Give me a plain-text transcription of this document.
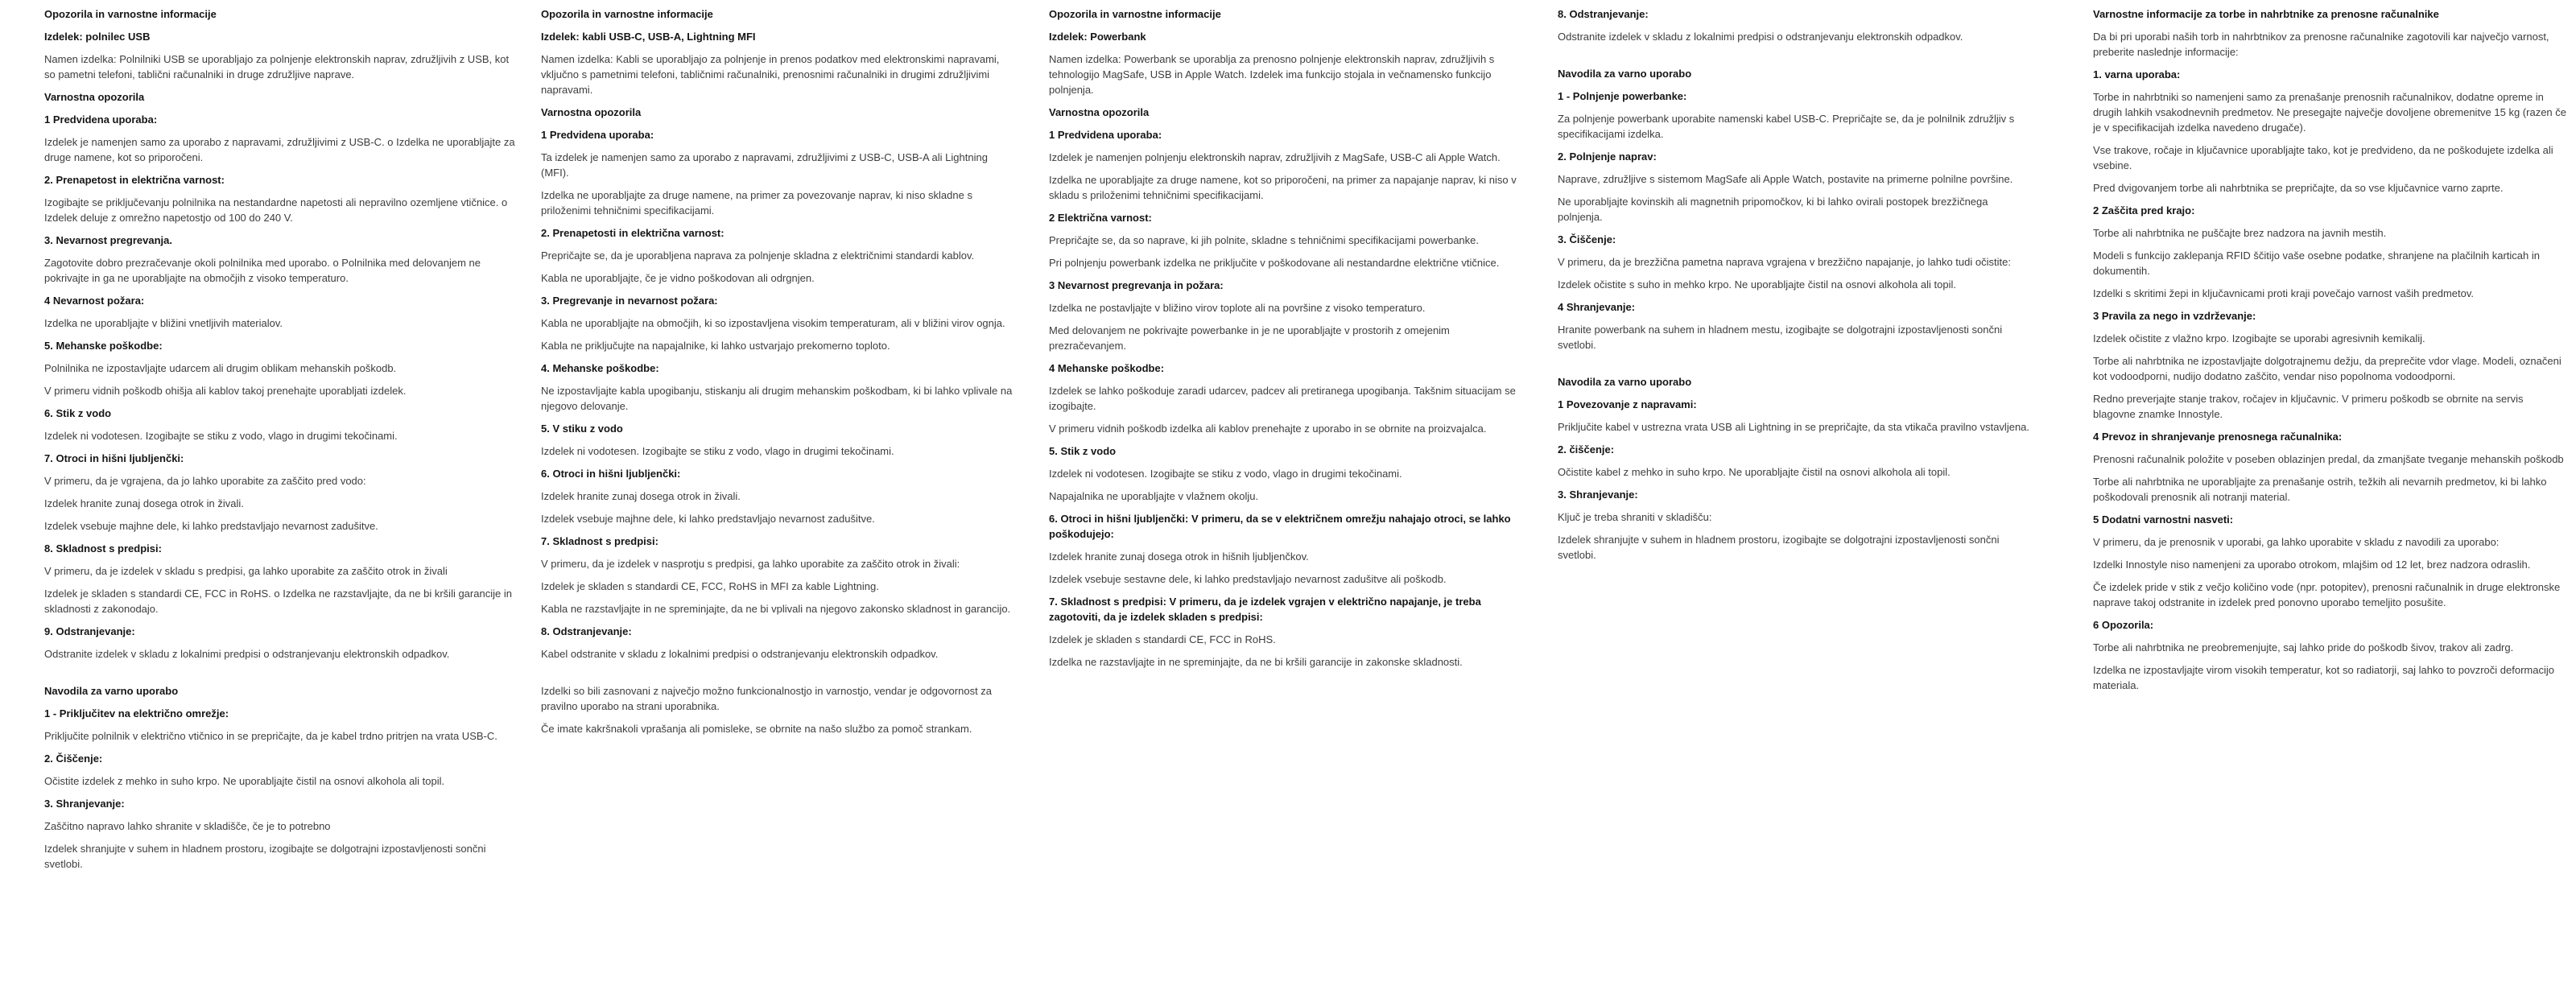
Opozorila in varnostne informacije
Izdelek: polnilec USB
Namen izdelka: Polnilniki USB se uporabljajo za polnjenje elektronskih naprav, združljivih z USB, kot so pametni telefoni, tablični računalniki in druge združljive naprave.
Varnostna opozorila
1 Predvidena uporaba:
Izdelek je namenjen samo za uporabo z napravami, združljivimi z USB-C. o Izdelka ne uporabljajte za druge namene, kot so priporočeni.
2. Prenapetost in električna varnost:
Izogibajte se priključevanju polnilnika na nestandardne napetosti ali nepravilno ozemljene vtičnice. o Izdelek deluje z omrežno napetostjo od 100 do 240 V.
3. Nevarnost pregrevanja.
Zagotovite dobro prezračevanje okoli polnilnika med uporabo. o Polnilnika med delovanjem ne pokrivajte in ga ne uporabljajte na območjih z visoko temperaturo.
4 Nevarnost požara:
Izdelka ne uporabljajte v bližini vnetljivih materialov.
5. Mehanske poškodbe:
Polnilnika ne izpostavljajte udarcem ali drugim oblikam mehanskih poškodb.
V primeru vidnih poškodb ohišja ali kablov takoj prenehajte uporabljati izdelek.
6. Stik z vodo
Izdelek ni vodotesen. Izogibajte se stiku z vodo, vlago in drugimi tekočinami.
7. Otroci in hišni ljubljenčki:
V primeru, da je vgrajena, da jo lahko uporabite za zaščito pred vodo:
Izdelek hranite zunaj dosega otrok in živali.
Izdelek vsebuje majhne dele, ki lahko predstavljajo nevarnost zadušitve.
8. Skladnost s predpisi:
V primeru, da je izdelek v skladu s predpisi, ga lahko uporabite za zaščito otrok in živali
Izdelek je skladen s standardi CE, FCC in RoHS. o Izdelka ne razstavljajte, da ne bi kršili garancije in skladnosti z zakonodajo.
9. Odstranjevanje:
Odstranite izdelek v skladu z lokalnimi predpisi o odstranjevanju elektronskih odpadkov.
Navodila za varno uporabo
1 - Priključitev na električno omrežje:
Priključite polnilnik v električno vtičnico in se prepričajte, da je kabel trdno pritrjen na vrata USB-C.
2. Čiščenje:
Očistite izdelek z mehko in suho krpo. Ne uporabljajte čistil na osnovi alkohola ali topil.
3. Shranjevanje:
Zaščitno napravo lahko shranite v skladišče, če je to potrebno
Izdelek shranjujte v suhem in hladnem prostoru, izogibajte se dolgotrajni izpostavljenosti sončni svetlobi.
Opozorila in varnostne informacije
Izdelek: kabli USB-C, USB-A, Lightning MFI
Namen izdelka: Kabli se uporabljajo za polnjenje in prenos podatkov med elektronskimi napravami, vključno s pametnimi telefoni, tabličnimi računalniki, prenosnimi računalniki in drugimi združljivimi napravami.
Varnostna opozorila
1 Predvidena uporaba:
Ta izdelek je namenjen samo za uporabo z napravami, združljivimi z USB-C, USB-A ali Lightning (MFI).
Izdelka ne uporabljajte za druge namene, na primer za povezovanje naprav, ki niso skladne s priloženimi tehničnimi specifikacijami.
2. Prenapetosti in električna varnost:
Prepričajte se, da je uporabljena naprava za polnjenje skladna z električnimi standardi kablov.
Kabla ne uporabljajte, če je vidno poškodovan ali odrgnjen.
3. Pregrevanje in nevarnost požara:
Kabla ne uporabljajte na območjih, ki so izpostavljena visokim temperaturam, ali v bližini virov ognja.
Kabla ne priključujte na napajalnike, ki lahko ustvarjajo prekomerno toploto.
4. Mehanske poškodbe:
Ne izpostavljajte kabla upogibanju, stiskanju ali drugim mehanskim poškodbam, ki bi lahko vplivale na njegovo delovanje.
5. V stiku z vodo
Izdelek ni vodotesen. Izogibajte se stiku z vodo, vlago in drugimi tekočinami.
6. Otroci in hišni ljubljenčki:
Izdelek hranite zunaj dosega otrok in živali.
Izdelek vsebuje majhne dele, ki lahko predstavljajo nevarnost zadušitve.
7. Skladnost s predpisi:
V primeru, da je izdelek v nasprotju s predpisi, ga lahko uporabite za zaščito otrok in živali:
Izdelek je skladen s standardi CE, FCC, RoHS in MFI za kable Lightning.
Kabla ne razstavljajte in ne spreminjajte, da ne bi vplivali na njegovo zakonsko skladnost in garancijo.
8. Odstranjevanje:
Kabel odstranite v skladu z lokalnimi predpisi o odstranjevanju elektronskih odpadkov.
Izdelki so bili zasnovani z največjo možno funkcionalnostjo in varnostjo, vendar je odgovornost za pravilno uporabo na strani uporabnika.
Če imate kakršnakoli vprašanja ali pomisleke, se obrnite na našo službo za pomoč strankam.
Opozorila in varnostne informacije
Izdelek: Powerbank
Namen izdelka: Powerbank se uporablja za prenosno polnjenje elektronskih naprav, združljivih s tehnologijo MagSafe, USB in Apple Watch. Izdelek ima funkcijo stojala in večnamensko funkcijo polnjenja.
Varnostna opozorila
1 Predvidena uporaba:
Izdelek je namenjen polnjenju elektronskih naprav, združljivih z MagSafe, USB-C ali Apple Watch.
Izdelka ne uporabljajte za druge namene, kot so priporočeni, na primer za napajanje naprav, ki niso v skladu s priloženimi tehničnimi specifikacijami.
2 Električna varnost:
Prepričajte se, da so naprave, ki jih polnite, skladne s tehničnimi specifikacijami powerbanke.
Pri polnjenju powerbank izdelka ne priključite v poškodovane ali nestandardne električne vtičnice.
3 Nevarnost pregrevanja in požara:
Izdelka ne postavljajte v bližino virov toplote ali na površine z visoko temperaturo.
Med delovanjem ne pokrivajte powerbanke in je ne uporabljajte v prostorih z omejenim prezračevanjem.
4 Mehanske poškodbe:
Izdelek se lahko poškoduje zaradi udarcev, padcev ali pretiranega upogibanja. Takšnim situacijam se izogibajte.
V primeru vidnih poškodb izdelka ali kablov prenehajte z uporabo in se obrnite na proizvajalca.
5. Stik z vodo
Izdelek ni vodotesen. Izogibajte se stiku z vodo, vlago in drugimi tekočinami.
Napajalnika ne uporabljajte v vlažnem okolju.
6. Otroci in hišni ljubljenčki: V primeru, da se v električnem omrežju nahajajo otroci, se lahko poškodujejo:
Izdelek hranite zunaj dosega otrok in hišnih ljubljenčkov.
Izdelek vsebuje sestavne dele, ki lahko predstavljajo nevarnost zadušitve ali poškodb.
7. Skladnost s predpisi: V primeru, da je izdelek vgrajen v električno napajanje, je treba zagotoviti, da je izdelek skladen s predpisi:
Izdelek je skladen s standardi CE, FCC in RoHS.
Izdelka ne razstavljajte in ne spreminjajte, da ne bi kršili garancije in zakonske skladnosti.
8. Odstranjevanje:
Odstranite izdelek v skladu z lokalnimi predpisi o odstranjevanju elektronskih odpadkov.
Navodila za varno uporabo
1 - Polnjenje powerbanke:
Za polnjenje powerbank uporabite namenski kabel USB-C. Prepričajte se, da je polnilnik združljiv s specifikacijami izdelka.
2. Polnjenje naprav:
Naprave, združljive s sistemom MagSafe ali Apple Watch, postavite na primerne polnilne površine.
Ne uporabljajte kovinskih ali magnetnih pripomočkov, ki bi lahko ovirali postopek brezžičnega polnjenja.
3. Čiščenje:
V primeru, da je brezžična pametna naprava vgrajena v brezžično napajanje, jo lahko tudi očistite:
Izdelek očistite s suho in mehko krpo. Ne uporabljajte čistil na osnovi alkohola ali topil.
4 Shranjevanje:
Hranite powerbank na suhem in hladnem mestu, izogibajte se dolgotrajni izpostavljenosti sončni svetlobi.
Navodila za varno uporabo
1 Povezovanje z napravami:
Priključite kabel v ustrezna vrata USB ali Lightning in se prepričajte, da sta vtikača pravilno vstavljena.
2. čiščenje:
Očistite kabel z mehko in suho krpo. Ne uporabljajte čistil na osnovi alkohola ali topil.
3. Shranjevanje:
Ključ je treba shraniti v skladišču:
Izdelek shranjujte v suhem in hladnem prostoru, izogibajte se dolgotrajni izpostavljenosti sončni svetlobi.
Varnostne informacije za torbe in nahrbtnike za prenosne računalnike
Da bi pri uporabi naših torb in nahrbtnikov za prenosne računalnike zagotovili kar največjo varnost, preberite naslednje informacije:
1. varna uporaba:
Torbe in nahrbtniki so namenjeni samo za prenašanje prenosnih računalnikov, dodatne opreme in drugih lahkih vsakodnevnih predmetov. Ne presegajte največje dovoljene obremenitve 15 kg (razen če je v specifikacijah izdelka navedeno drugače).
Vse trakove, ročaje in ključavnice uporabljajte tako, kot je predvideno, da ne poškodujete izdelka ali vsebine.
Pred dvigovanjem torbe ali nahrbtnika se prepričajte, da so vse ključavnice varno zaprte.
2 Zaščita pred krajo:
Torbe ali nahrbtnika ne puščajte brez nadzora na javnih mestih.
Modeli s funkcijo zaklepanja RFID ščitijo vaše osebne podatke, shranjene na plačilnih karticah in dokumentih.
Izdelki s skritimi žepi in ključavnicami proti kraji povečajo varnost vaših predmetov.
3 Pravila za nego in vzdrževanje:
Izdelek očistite z vlažno krpo. Izogibajte se uporabi agresivnih kemikalij.
Torbe ali nahrbtnika ne izpostavljajte dolgotrajnemu dežju, da preprečite vdor vlage. Modeli, označeni kot vodoodporni, nudijo dodatno zaščito, vendar niso popolnoma vodoodporni.
Redno preverjajte stanje trakov, ročajev in ključavnic. V primeru poškodb se obrnite na servis blagovne znamke Innostyle.
4 Prevoz in shranjevanje prenosnega računalnika:
Prenosni računalnik položite v poseben oblazinjen predal, da zmanjšate tveganje mehanskih poškodb
Torbe ali nahrbtnika ne uporabljajte za prenašanje ostrih, težkih ali nevarnih predmetov, ki bi lahko poškodovali prenosnik ali notranji material.
5 Dodatni varnostni nasveti:
V primeru, da je prenosnik v uporabi, ga lahko uporabite v skladu z navodili za uporabo:
Izdelki Innostyle niso namenjeni za uporabo otrokom, mlajšim od 12 let, brez nadzora odraslih.
Če izdelek pride v stik z večjo količino vode (npr. potopitev), prenosni računalnik in druge elektronske naprave takoj odstranite in izdelek pred ponovno uporabo temeljito posušite.
6 Opozorila:
Torbe ali nahrbtnika ne preobremenjujte, saj lahko pride do poškodb šivov, trakov ali zadrg.
Izdelka ne izpostavljajte virom visokih temperatur, kot so radiatorji, saj lahko to povzroči deformacijo materiala.
